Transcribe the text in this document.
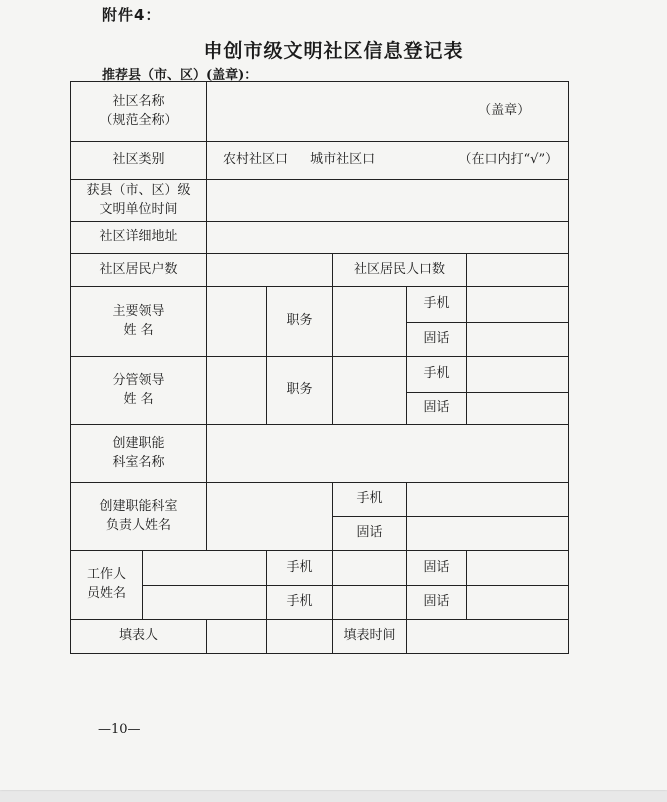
附件4：
申创市级文明社区信息登记表
推荐县（市、区）(盖章)：
社区名称
（规范全称）		（盖章）				
社区类别		农村社区口 城市社区口 （在口内打“√”）				

获县（市、区）级
文明单位时间						

社区详细地址						
社区居民户数				社区居民人口数		

主要领导
姓 名			职务		手机	
					固话	

分管领导
姓 名			职务		手机	
					固话	

创建职能
科室名称						

创建职能科室
负责人姓名				手机		
				固话		

工作人
员姓名			手机		固话	
			手机		固话	
填表人				填表时间		
—10—
